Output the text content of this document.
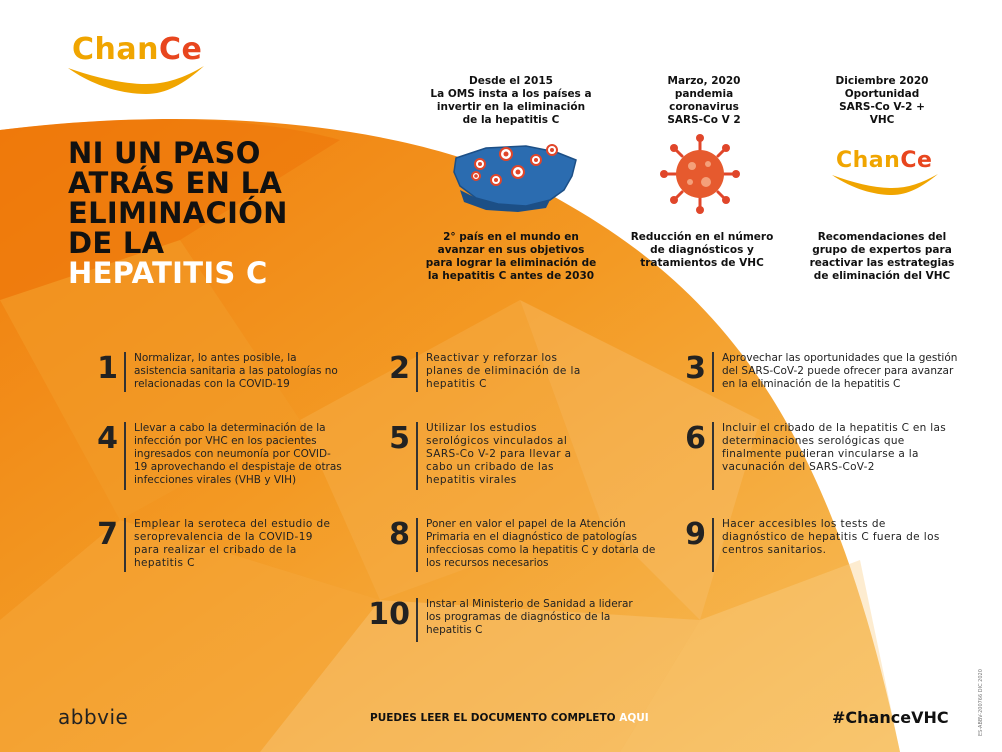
ChanCe
NI UN PASO
ATRÁS EN LA
ELIMINACIÓN
DE LA
HEPATITIS C
Desde el 2015
La OMS insta a los países a
invertir en la eliminación
de la hepatitis C
Marzo, 2020
pandemia
coronavirus
SARS-Co V 2
Diciembre 2020
Oportunidad
SARS-Co V-2 +
VHC
ChanCe
2° país en el mundo en
avanzar en sus objetivos
para lograr la eliminación de
la hepatitis C antes de 2030
Reducción en el número
de diagnósticos y
tratamientos de VHC
Recomendaciones del
grupo de expertos para
reactivar las estrategias
de eliminación del VHC
1 Normalizar, lo antes posible, la asistencia sanitaria a las patologías no relacionadas con la COVID-19	2 Reactivar y reforzar los planes de eliminación de la hepatitis C	3 Aprovechar las oportunidades que la gestión del SARS-CoV-2 puede ofrecer para avanzar en la eliminación de la hepatitis C
4 Llevar a cabo la determinación de la infección por VHC en los pacientes ingresados con neumonía por COVID-19 aprovechando el despistaje de otras infecciones virales (VHB y VIH)
5 Utilizar los estudios serológicos vinculados al SARS-Co V-2 para llevar a cabo un cribado de las hepatitis virales
6 Incluir el cribado de la hepatitis C en las determinaciones serológicas que finalmente pudieran vincularse a la vacunación del SARS-CoV-2
7 Emplear la seroteca del estudio de seroprevalencia de la COVID-19 para realizar el cribado de la hepatitis C
8 Poner en valor el papel de la Atención Primaria en el diagnóstico de patologías infecciosas como la hepatitis C y dotarla de los recursos necesarios
9 Hacer accesibles los tests de diagnóstico de hepatitis C fuera de los centros sanitarios.
10 Instar al Ministerio de Sanidad a liderar los programas de diagnóstico de la hepatitis C
abbvie	PUEDES LEER EL DOCUMENTO COMPLETO AQUI	#ChanceVHC	ES-ABBV-200766 DIC 2020
